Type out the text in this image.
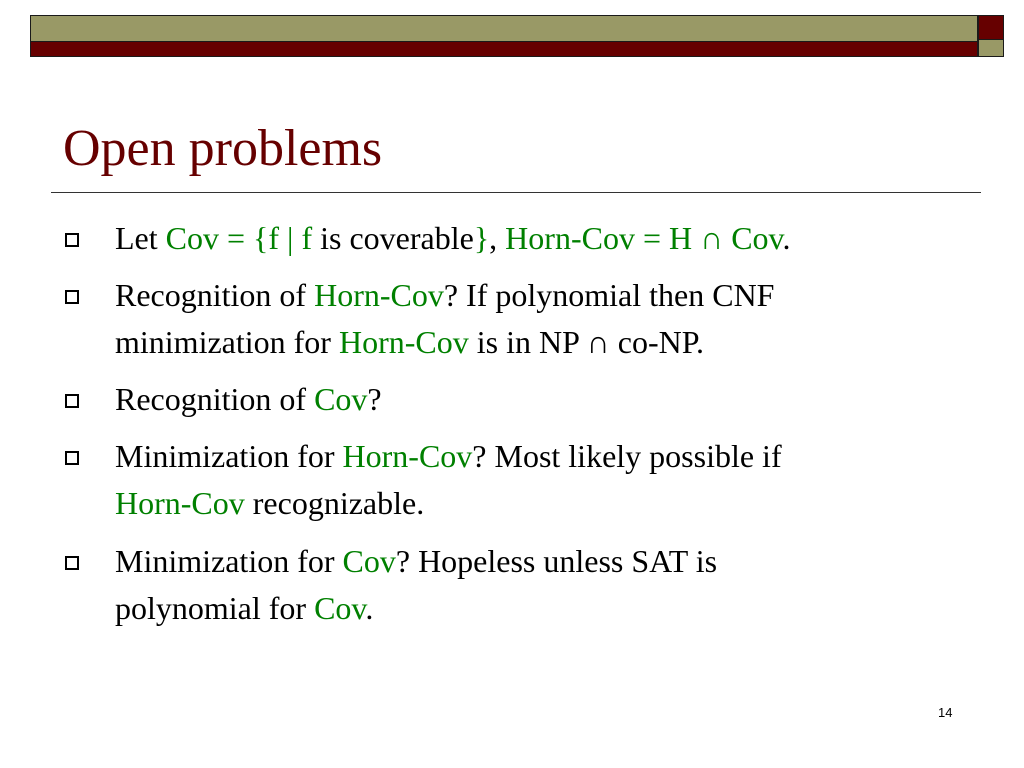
Open problems
Let Cov = {f | f is coverable}, Horn-Cov = H ∩ Cov.
Recognition of Horn-Cov? If polynomial then CNF
minimization for Horn-Cov is in NP ∩ co-NP.
Recognition of Cov?
Minimization for Horn-Cov? Most likely possible if
Horn-Cov recognizable.
Minimization for Cov? Hopeless unless SAT is
polynomial for Cov.
14
